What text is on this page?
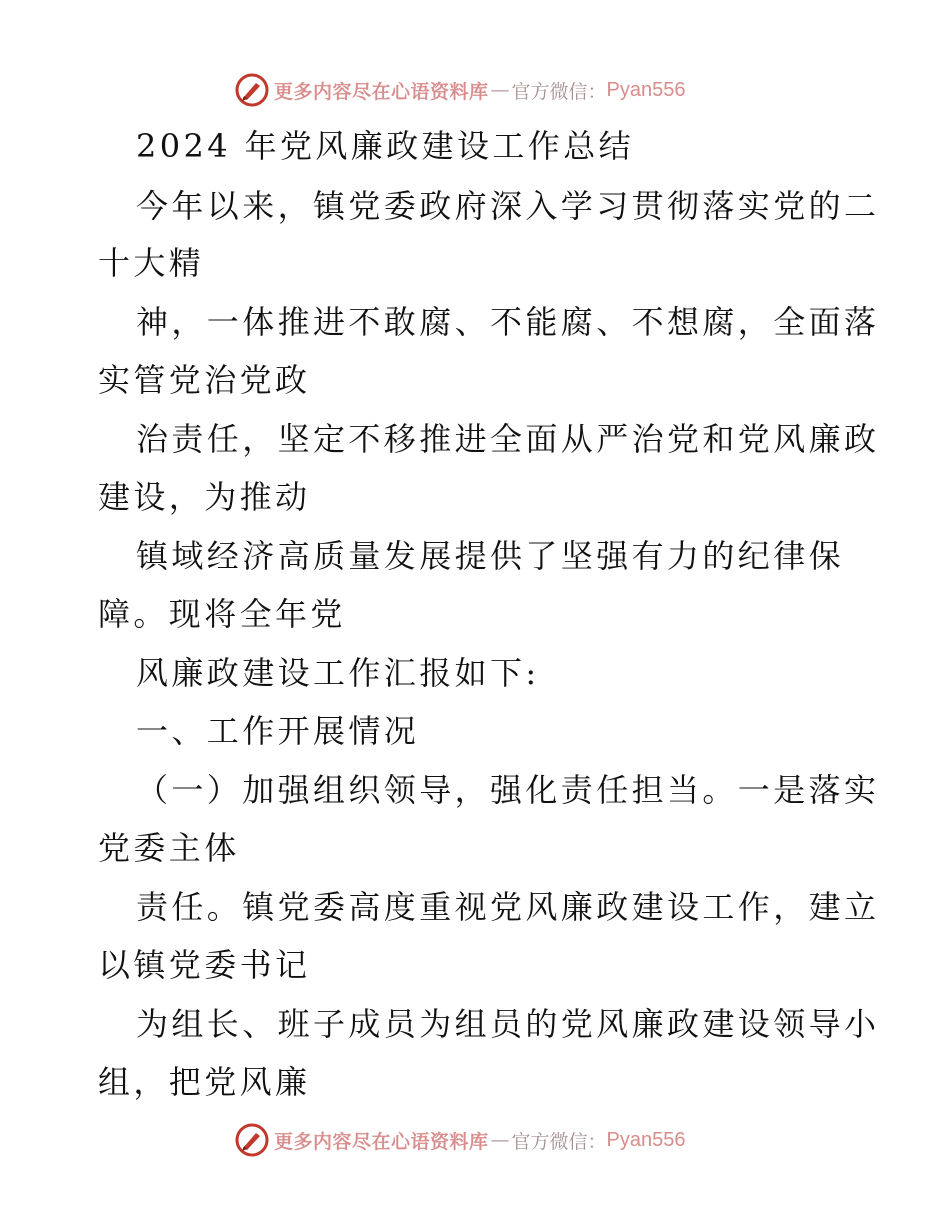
更多内容尽在心语资料库 — 官方微信： Pyan556
2024 年党风廉政建设工作总结
今年以来，镇党委政府深入学习贯彻落实党的二
十大精
神，一体推进不敢腐、不能腐、不想腐，全面落
实管党治党政
治责任，坚定不移推进全面从严治党和党风廉政
建设，为推动
镇域经济高质量发展提供了坚强有力的纪律保
障。现将全年党
风廉政建设工作汇报如下:
一、工作开展情况
（一）加强组织领导，强化责任担当。一是落实
党委主体
责任。镇党委高度重视党风廉政建设工作，建立
以镇党委书记
为组长、班子成员为组员的党风廉政建设领导小
组，把党风廉
更多内容尽在心语资料库 — 官方微信： Pyan556
